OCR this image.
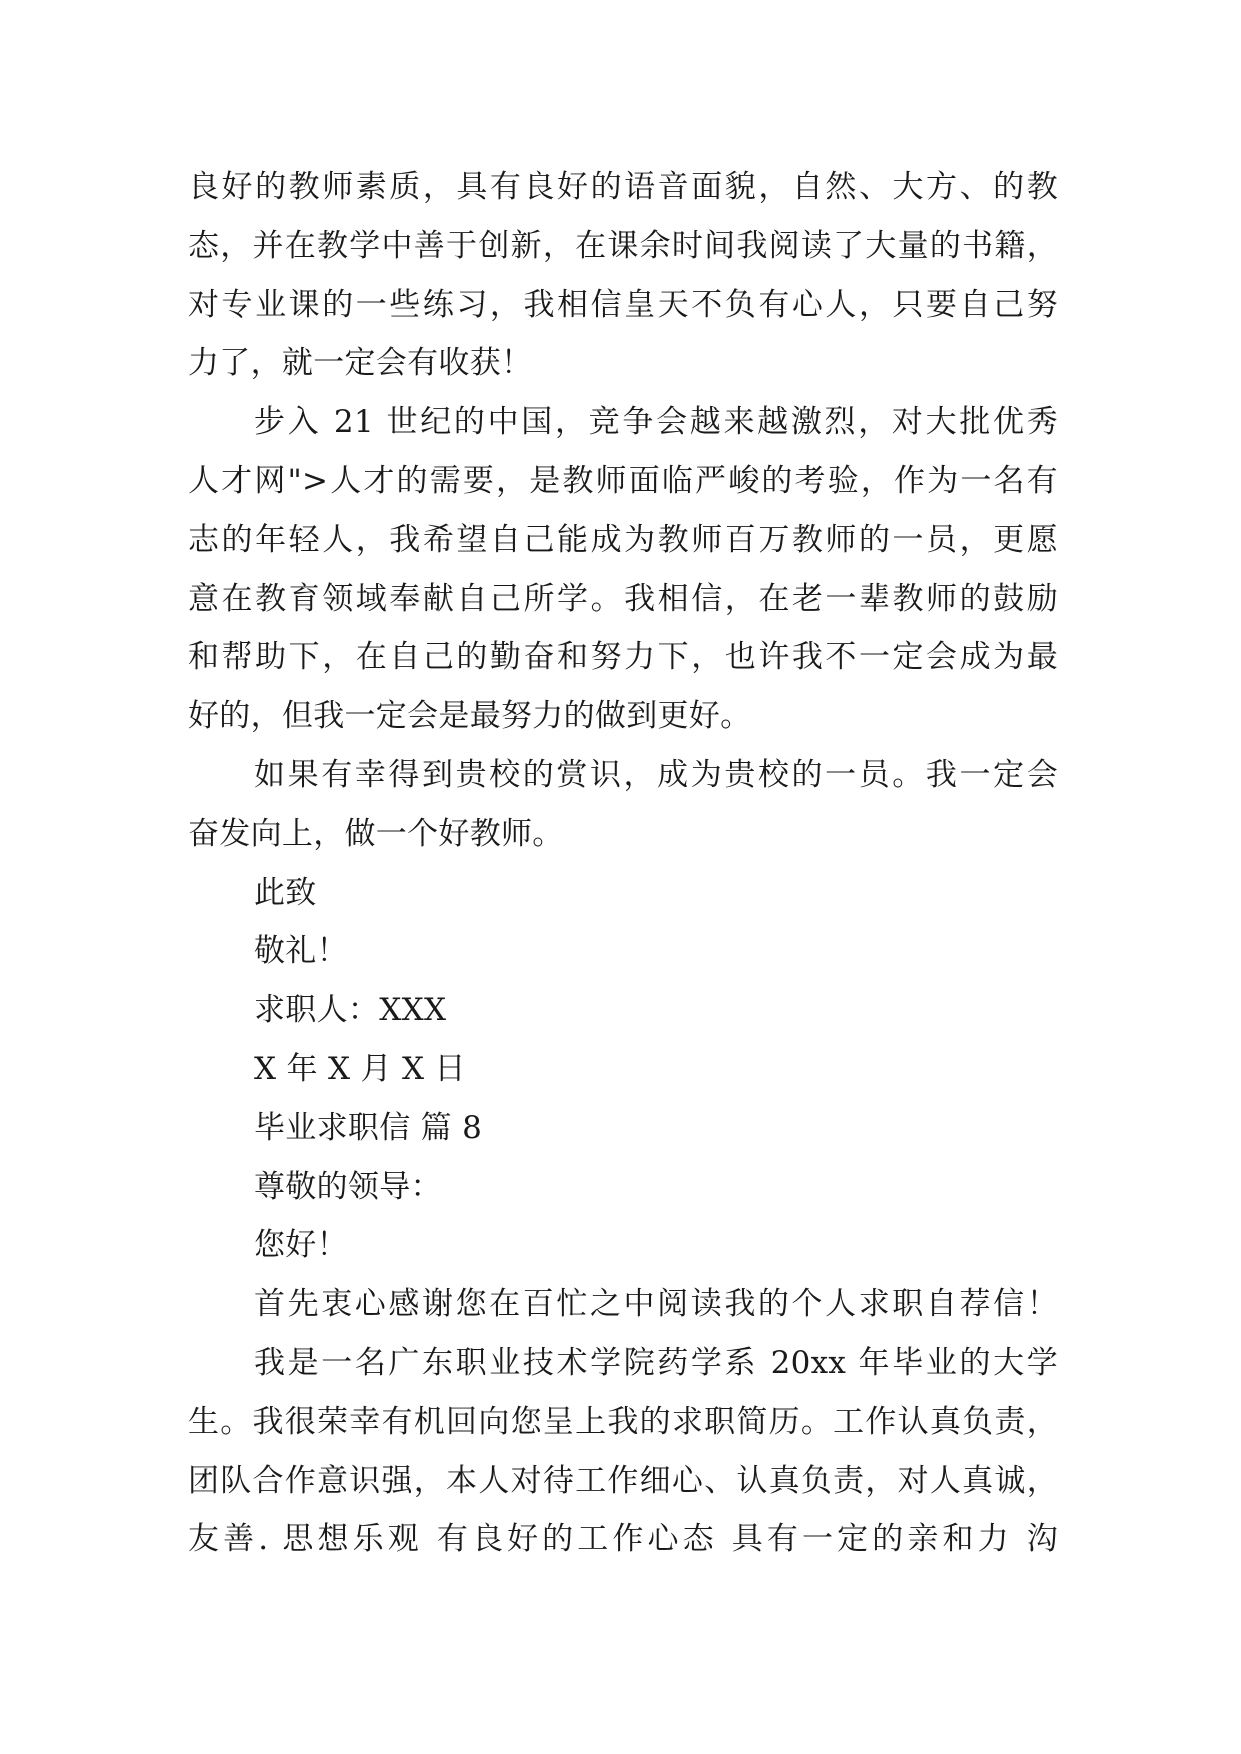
良好的教师素质，具有良好的语音面貌，自然、大方、的教
态，并在教学中善于创新，在课余时间我阅读了大量的书籍，
对专业课的一些练习，我相信皇天不负有心人，只要自己努
力了，就一定会有收获！
步入 21 世纪的中国，竞争会越来越激烈，对大批优秀
人才网">人才的需要，是教师面临严峻的考验，作为一名有
志的年轻人，我希望自己能成为教师百万教师的一员，更愿
意在教育领域奉献自己所学。我相信，在老一辈教师的鼓励
和帮助下，在自己的勤奋和努力下，也许我不一定会成为最
好的，但我一定会是最努力的做到更好。
如果有幸得到贵校的赏识，成为贵校的一员。我一定会
奋发向上，做一个好教师。
此致
敬礼！
求职人：XXX
X 年 X 月 X 日
毕业求职信 篇 8
尊敬的领导：
您好！
首先衷心感谢您在百忙之中阅读我的个人求职自荐信！
我是一名广东职业技术学院药学系 20xx 年毕业的大学
生。我很荣幸有机回向您呈上我的求职简历。工作认真负责，
团队合作意识强，本人对待工作细心、认真负责，对人真诚，
友善. 思想乐观 有良好的工作心态 具有一定的亲和力 沟
